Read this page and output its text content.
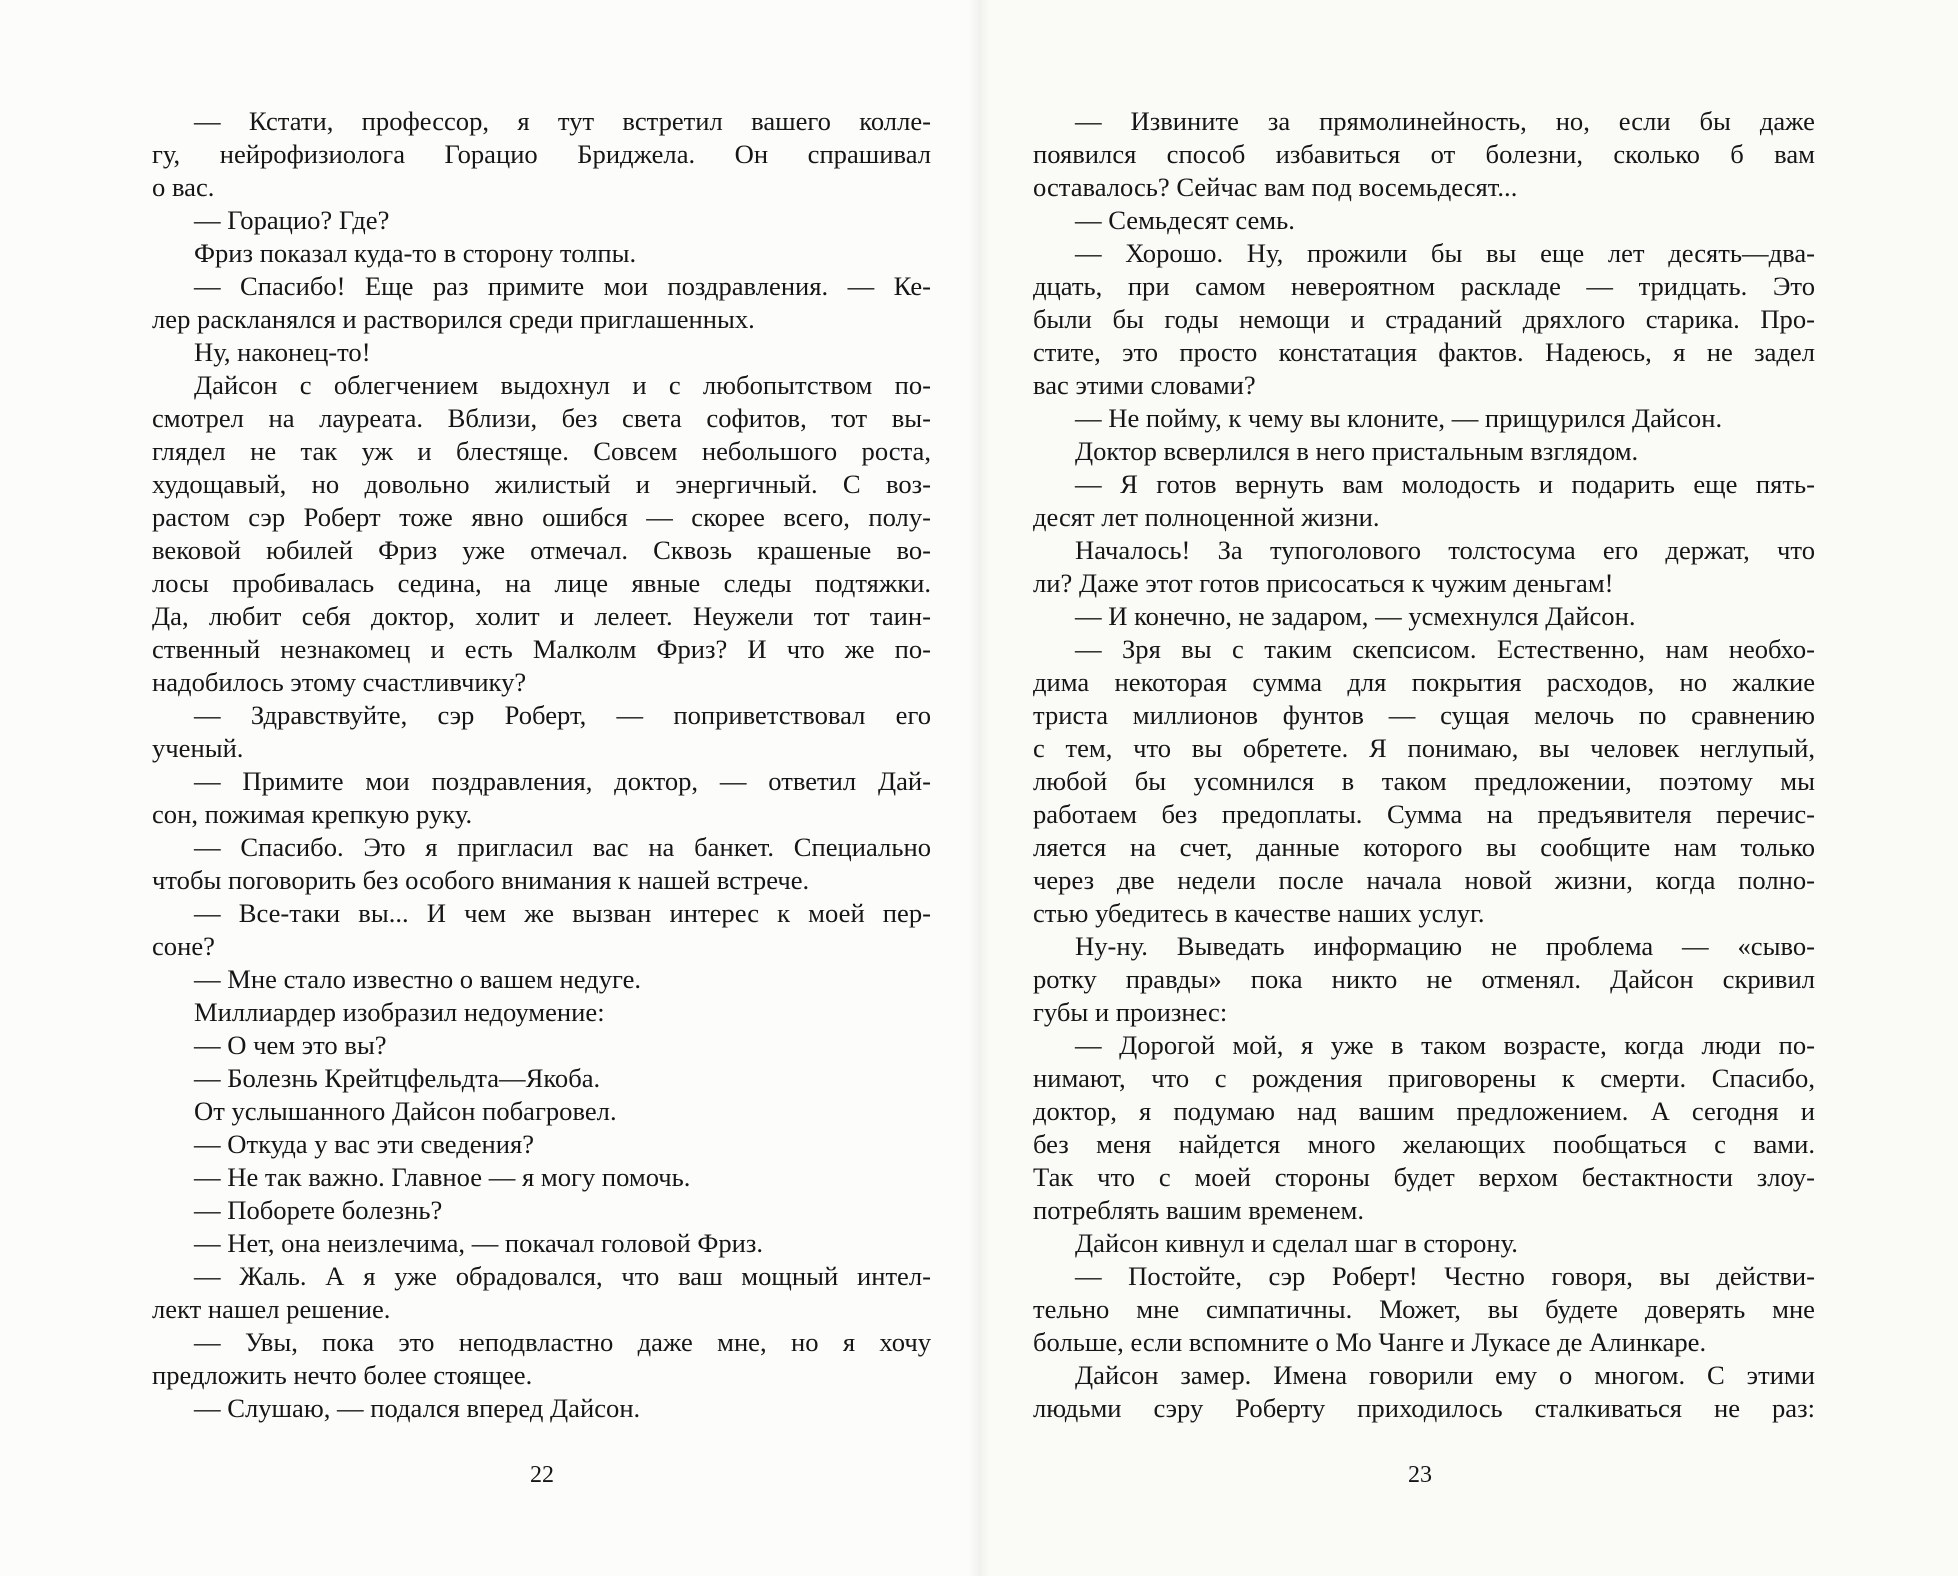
— Кстати, профессор, я тут встретил вашего колле-
гу, нейрофизиолога Горацио Бриджела. Он спрашивал
о вас.
— Горацио? Где?
Фриз показал куда-то в сторону толпы.
— Спасибо! Еще раз примите мои поздравления. — Ке-
лер раскланялся и растворился среди приглашенных.
Ну, наконец-то!
Дайсон с облегчением выдохнул и с любопытством по-
смотрел на лауреата. Вблизи, без света софитов, тот вы-
глядел не так уж и блестяще. Совсем небольшого роста,
худощавый, но довольно жилистый и энергичный. С воз-
растом сэр Роберт тоже явно ошибся — скорее всего, полу-
вековой юбилей Фриз уже отмечал. Сквозь крашеные во-
лосы пробивалась седина, на лице явные следы подтяжки.
Да, любит себя доктор, холит и лелеет. Неужели тот таин-
ственный незнакомец и есть Малколм Фриз? И что же по-
надобилось этому счастливчику?
— Здравствуйте, сэр Роберт, — поприветствовал его
ученый.
— Примите мои поздравления, доктор, — ответил Дай-
сон, пожимая крепкую руку.
— Спасибо. Это я пригласил вас на банкет. Специально
чтобы поговорить без особого внимания к нашей встрече.
— Все-таки вы... И чем же вызван интерес к моей пер-
соне?
— Мне стало известно о вашем недуге.
Миллиардер изобразил недоумение:
— О чем это вы?
— Болезнь Крейтцфельдта—Якоба.
От услышанного Дайсон побагровел.
— Откуда у вас эти сведения?
— Не так важно. Главное — я могу помочь.
— Поборете болезнь?
— Нет, она неизлечима, — покачал головой Фриз.
— Жаль. А я уже обрадовался, что ваш мощный интел-
лект нашел решение.
— Увы, пока это неподвластно даже мне, но я хочу
предложить нечто более стоящее.
— Слушаю, — подался вперед Дайсон.
22
— Извините за прямолинейность, но, если бы даже
появился способ избавиться от болезни, сколько б вам
оставалось? Сейчас вам под восемьдесят...
— Семьдесят семь.
— Хорошо. Ну, прожили бы вы еще лет десять—два-
дцать, при самом невероятном раскладе — тридцать. Это
были бы годы немощи и страданий дряхлого старика. Про-
стите, это просто констатация фактов. Надеюсь, я не задел
вас этими словами?
— Не пойму, к чему вы клоните, — прищурился Дайсон.
Доктор всверлился в него пристальным взглядом.
— Я готов вернуть вам молодость и подарить еще пять-
десят лет полноценной жизни.
Началось! За тупоголового толстосума его держат, что
ли? Даже этот готов присосаться к чужим деньгам!
— И конечно, не задаром, — усмехнулся Дайсон.
— Зря вы с таким скепсисом. Естественно, нам необхо-
дима некоторая сумма для покрытия расходов, но жалкие
триста миллионов фунтов — сущая мелочь по сравнению
с тем, что вы обретете. Я понимаю, вы человек неглупый,
любой бы усомнился в таком предложении, поэтому мы
работаем без предоплаты. Сумма на предъявителя перечис-
ляется на счет, данные которого вы сообщите нам только
через две недели после начала новой жизни, когда полно-
стью убедитесь в качестве наших услуг.
Ну-ну. Выведать информацию не проблема — «сыво-
ротку правды» пока никто не отменял. Дайсон скривил
губы и произнес:
— Дорогой мой, я уже в таком возрасте, когда люди по-
нимают, что с рождения приговорены к смерти. Спасибо,
доктор, я подумаю над вашим предложением. А сегодня и
без меня найдется много желающих пообщаться с вами.
Так что с моей стороны будет верхом бестактности злоу-
потреблять вашим временем.
Дайсон кивнул и сделал шаг в сторону.
— Постойте, сэр Роберт! Честно говоря, вы действи-
тельно мне симпатичны. Может, вы будете доверять мне
больше, если вспомните о Мо Чанге и Лукасе де Алинкаре.
Дайсон замер. Имена говорили ему о многом. С этими
людьми сэру Роберту приходилось сталкиваться не раз:
23
